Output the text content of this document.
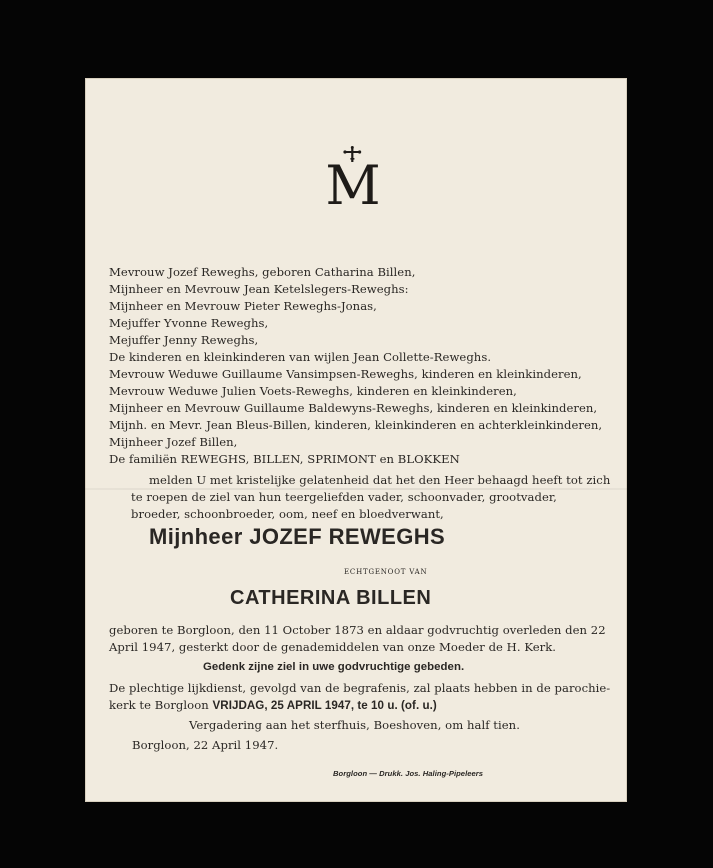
M
Mevrouw Jozef Reweghs, geboren Catharina Billen,
Mijnheer en Mevrouw Jean Ketelslegers-Reweghs:
Mijnheer en Mevrouw Pieter Reweghs-Jonas,
Mejuffer Yvonne Reweghs,
Mejuffer Jenny Reweghs,
De kinderen en kleinkinderen van wijlen Jean Collette-Reweghs.
Mevrouw Weduwe Guillaume Vansimpsen-Reweghs, kinderen en kleinkinderen,
Mevrouw Weduwe Julien Voets-Reweghs, kinderen en kleinkinderen,
Mijnheer en Mevrouw Guillaume Baldewyns-Reweghs, kinderen en kleinkinderen,
Mijnh. en Mevr. Jean Bleus-Billen, kinderen, kleinkinderen en achterkleinkinderen,
Mijnheer Jozef Billen,
De familiën REWEGHS, BILLEN, SPRIMONT en BLOKKEN
melden U met kristelijke gelatenheid dat het den Heer behaagd heeft tot zich
te roepen de ziel van hun teergeliefden vader, schoonvader, grootvader,
broeder, schoonbroeder, oom, neef en bloedverwant,
Mijnheer JOZEF REWEGHS
ECHTGENOOT VAN
CATHERINA BILLEN
geboren te Borgloon, den 11 October 1873 en aldaar godvruchtig overleden den 22
April 1947, gesterkt door de genademiddelen van onze Moeder de H. Kerk.
Gedenk zijne ziel in uwe godvruchtige gebeden.
De plechtige lijkdienst, gevolgd van de begrafenis, zal plaats hebben in de parochie-
kerk te Borgloon VRIJDAG, 25 APRIL 1947, te 10 u. (of. u.)
Vergadering aan het sterfhuis, Boeshoven, om half tien.
Borgloon, 22 April 1947.
Borgloon — Drukk. Jos. Haling-Pipeleers
